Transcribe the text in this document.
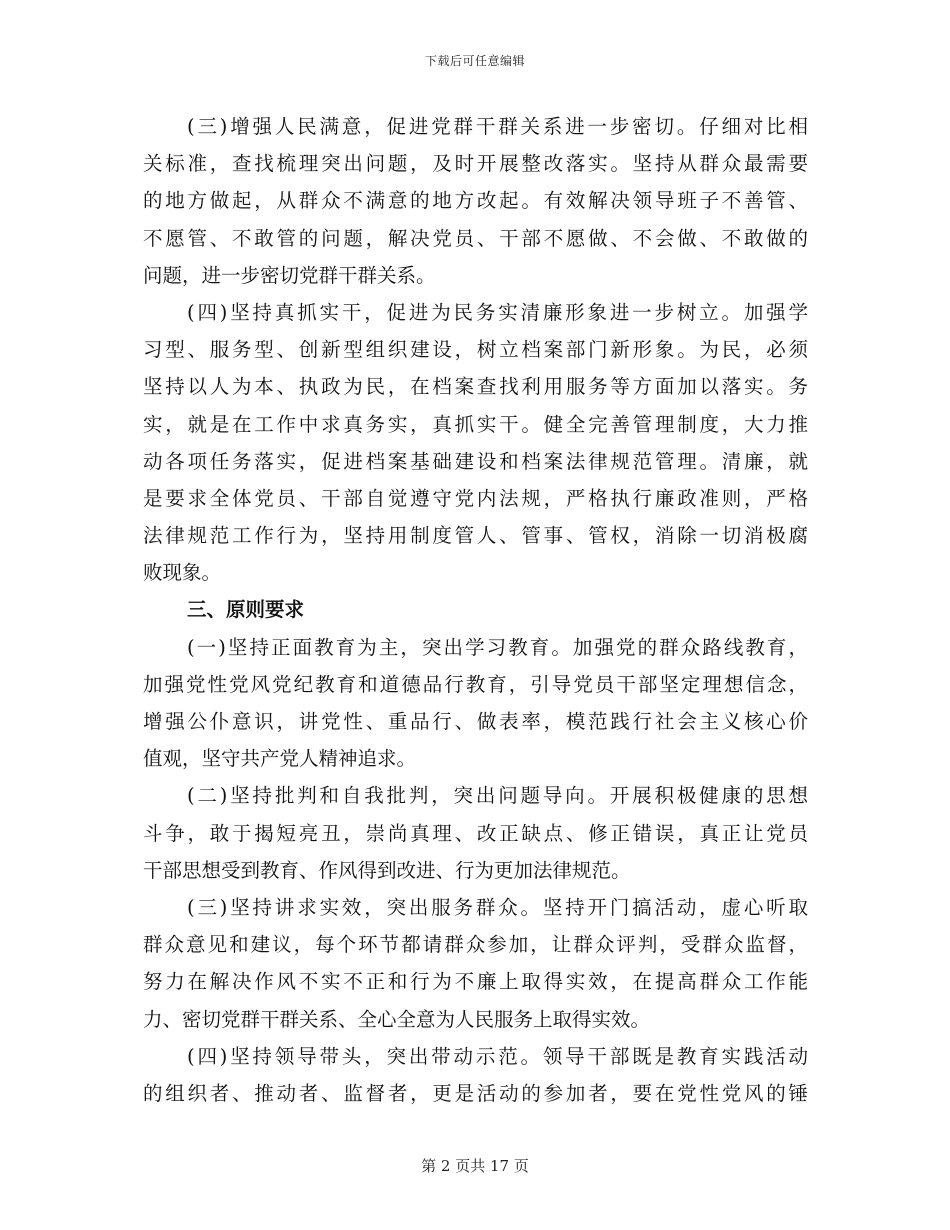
下载后可任意编辑
(三)增强人民满意，促进党群干群关系进一步密切。仔细对比相
关标准，查找梳理突出问题，及时开展整改落实。坚持从群众最需要
的地方做起，从群众不满意的地方改起。有效解决领导班子不善管、
不愿管、不敢管的问题，解决党员、干部不愿做、不会做、不敢做的
问题，进一步密切党群干群关系。
(四)坚持真抓实干，促进为民务实清廉形象进一步树立。加强学
习型、服务型、创新型组织建设，树立档案部门新形象。为民，必须
坚持以人为本、执政为民，在档案查找利用服务等方面加以落实。务
实，就是在工作中求真务实，真抓实干。健全完善管理制度，大力推
动各项任务落实，促进档案基础建设和档案法律规范管理。清廉，就
是要求全体党员、干部自觉遵守党内法规，严格执行廉政准则，严格
法律规范工作行为，坚持用制度管人、管事、管权，消除一切消极腐
败现象。
三、原则要求
(一)坚持正面教育为主，突出学习教育。加强党的群众路线教育，
加强党性党风党纪教育和道德品行教育，引导党员干部坚定理想信念，
增强公仆意识，讲党性、重品行、做表率，模范践行社会主义核心价
值观，坚守共产党人精神追求。
(二)坚持批判和自我批判，突出问题导向。开展积极健康的思想
斗争，敢于揭短亮丑，崇尚真理、改正缺点、修正错误，真正让党员
干部思想受到教育、作风得到改进、行为更加法律规范。
(三)坚持讲求实效，突出服务群众。坚持开门搞活动，虚心听取
群众意见和建议，每个环节都请群众参加，让群众评判，受群众监督，
努力在解决作风不实不正和行为不廉上取得实效，在提高群众工作能
力、密切党群干群关系、全心全意为人民服务上取得实效。
(四)坚持领导带头，突出带动示范。领导干部既是教育实践活动
的组织者、推动者、监督者，更是活动的参加者，要在党性党风的锤
第 2 页共 17 页
